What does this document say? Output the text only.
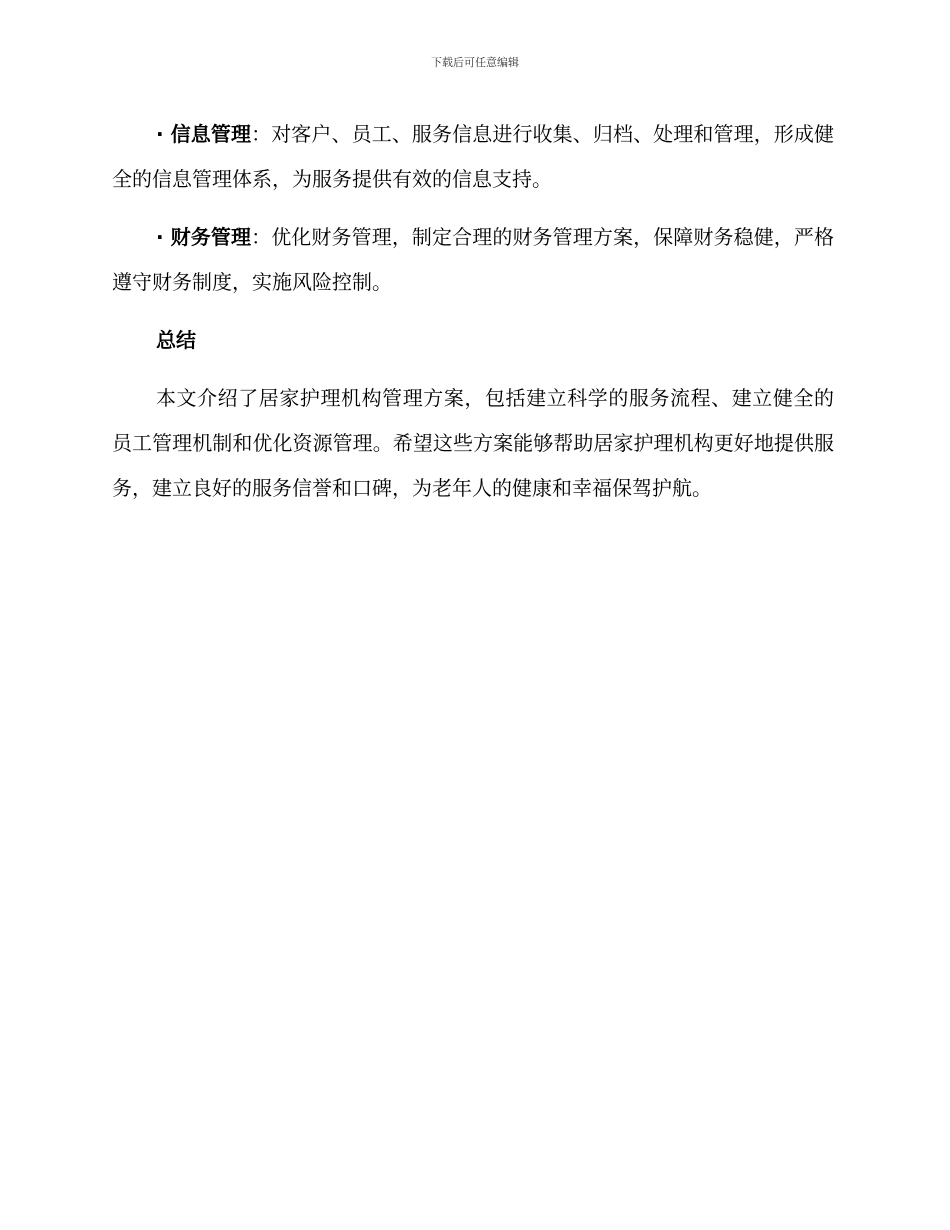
下载后可任意编辑

· 信息管理：对客户、员工、服务信息进行收集、归档、处理和管理，形成健全的信息管理体系，为服务提供有效的信息支持。

· 财务管理：优化财务管理，制定合理的财务管理方案，保障财务稳健，严格遵守财务制度，实施风险控制。

总结

本文介绍了居家护理机构管理方案，包括建立科学的服务流程、建立健全的员工管理机制和优化资源管理。希望这些方案能够帮助居家护理机构更好地提供服务，建立良好的服务信誉和口碑，为老年人的健康和幸福保驾护航。
